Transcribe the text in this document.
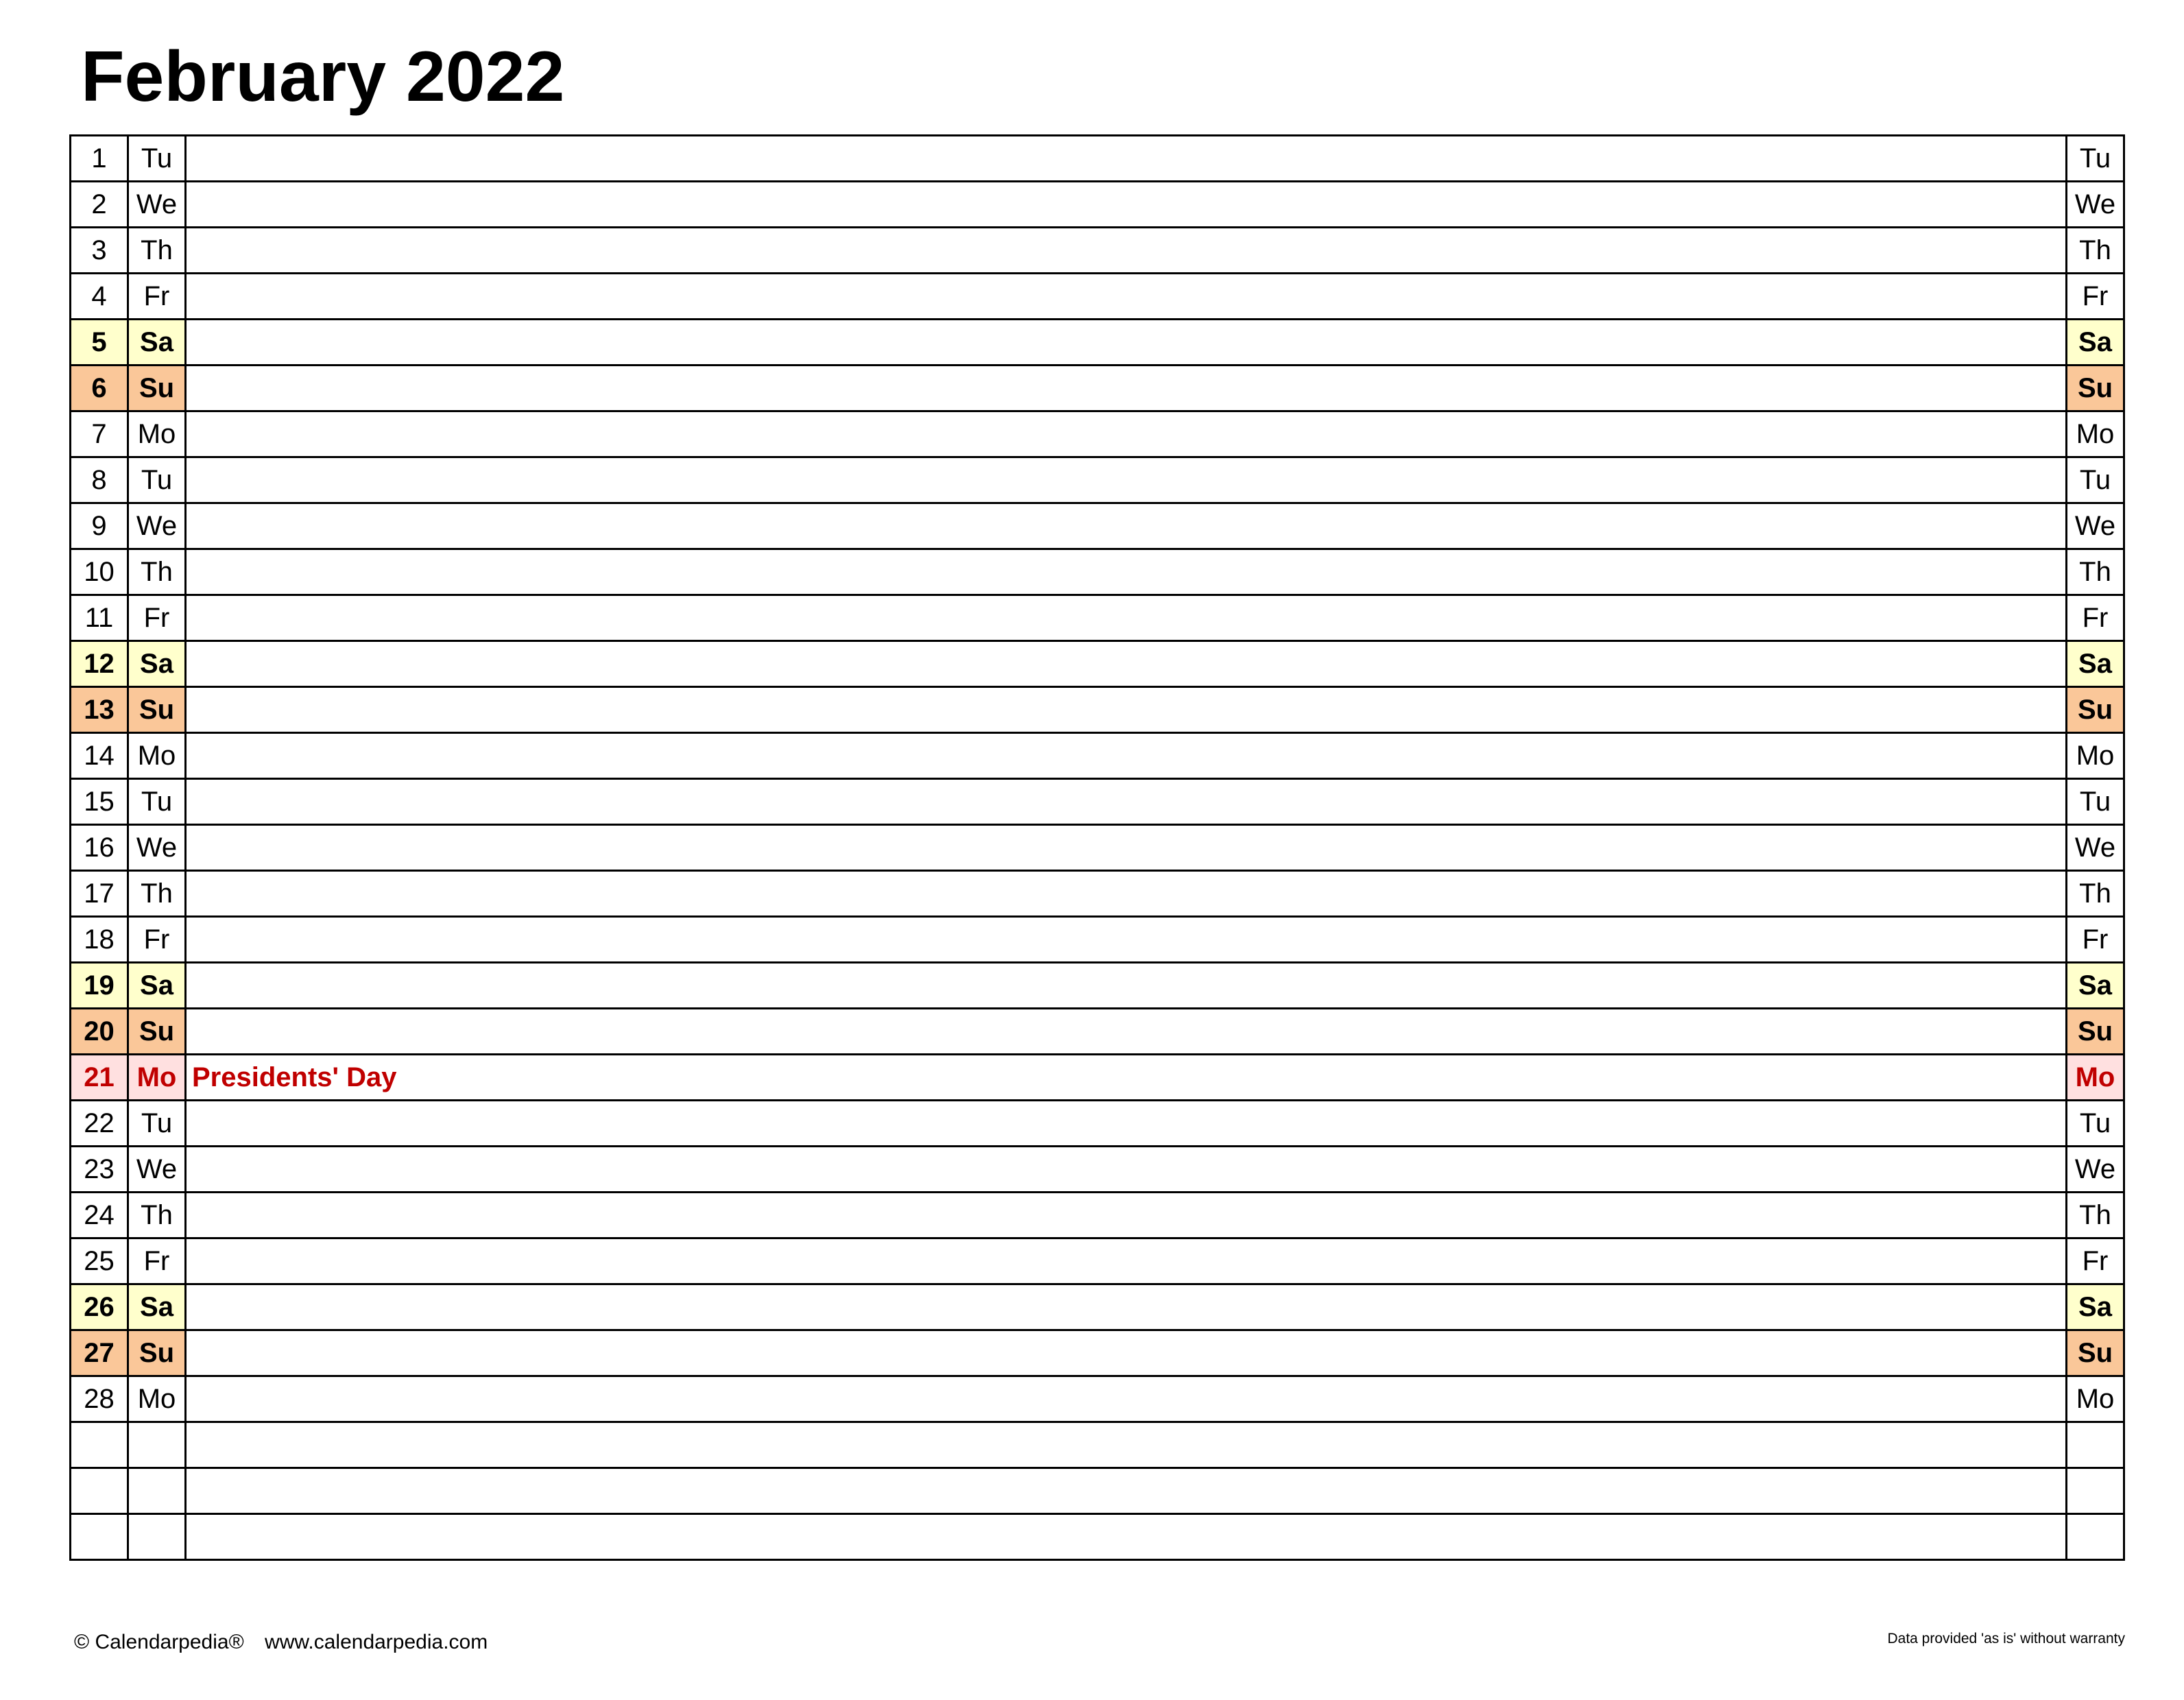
February 2022
1	Tu		Tu
2	We		We
3	Th		Th
4	Fr		Fr
5	Sa		Sa
6	Su		Su
7	Mo		Mo
8	Tu		Tu
9	We		We
10	Th		Th
11	Fr		Fr
12	Sa		Sa
13	Su		Su
14	Mo		Mo
15	Tu		Tu
16	We		We
17	Th		Th
18	Fr		Fr
19	Sa		Sa
20	Su		Su
21	Mo	Presidents' Day	Mo
22	Tu		Tu
23	We		We
24	Th		Th
25	Fr		Fr
26	Sa		Sa
27	Su		Su
28	Mo		Mo

© Calendarpedia® www.calendarpedia.com	Data provided 'as is' without warranty
